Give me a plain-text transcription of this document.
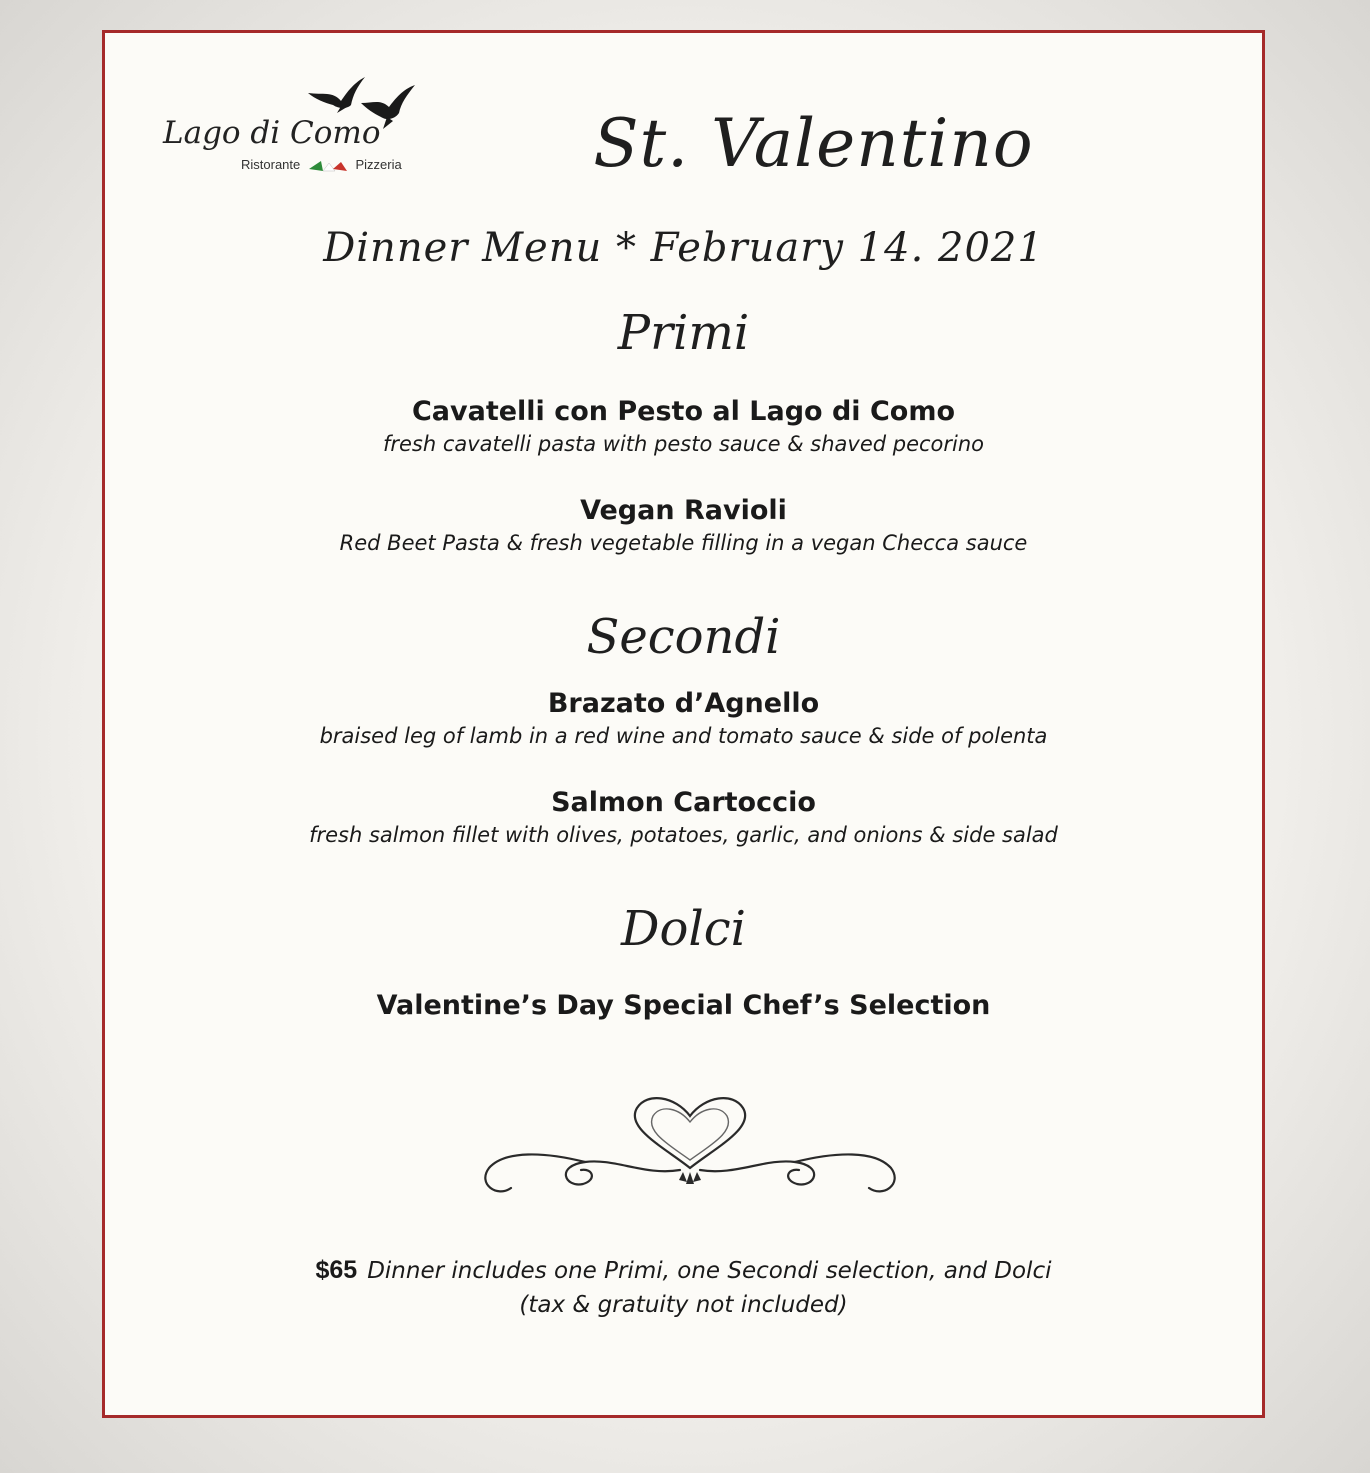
Lago di Como
Ristorante	Pizzeria	St. Valentino
Dinner Menu * February 14. 2021
Primi
Cavatelli con Pesto al Lago di Como
fresh cavatelli pasta with pesto sauce & shaved pecorino
Vegan Ravioli
Red Beet Pasta & fresh vegetable filling in a vegan Checca sauce
Secondi
Brazato d’Agnello
braised leg of lamb in a red wine and tomato sauce & side of polenta
Salmon Cartoccio
fresh salmon fillet with olives, potatoes, garlic, and onions & side salad
Dolci
Valentine’s Day Special Chef’s Selection
$65 Dinner includes one Primi, one Secondi selection, and Dolci
(tax & gratuity not included)
